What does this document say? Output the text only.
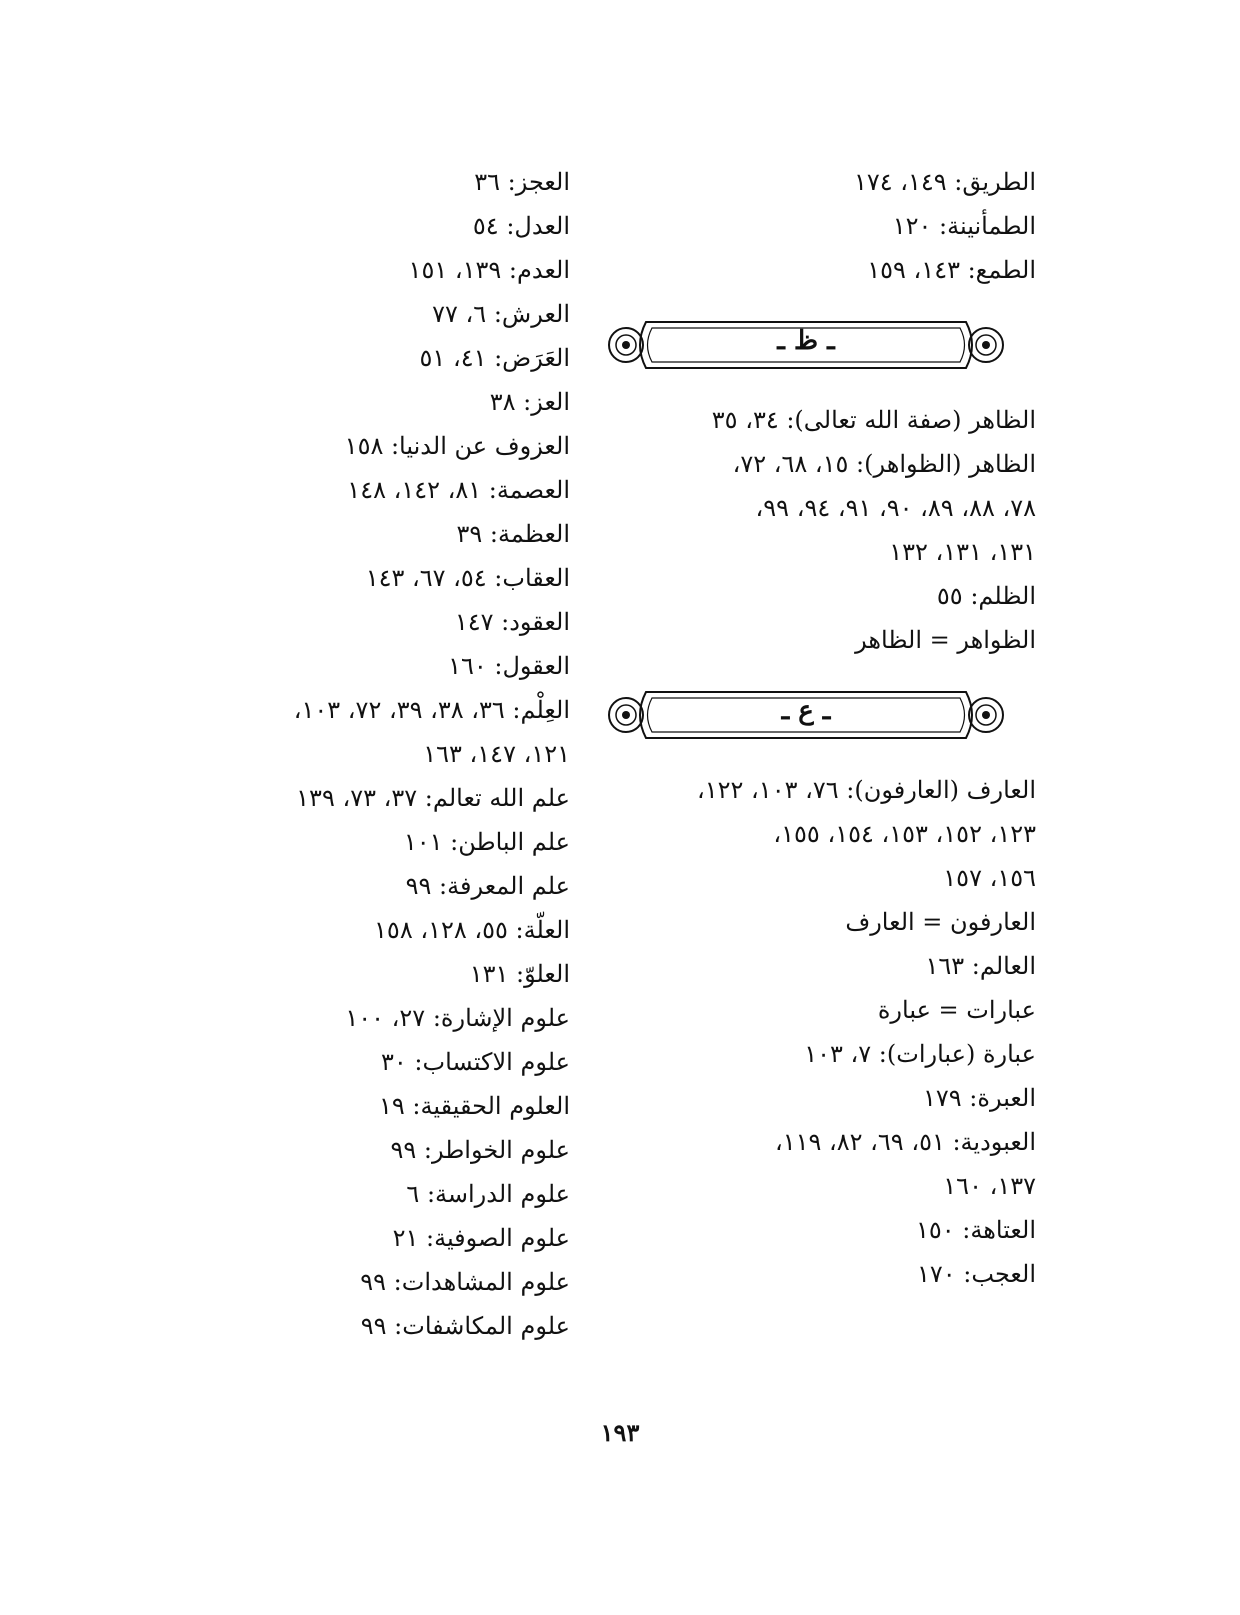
الطريق: ١٤٩، ١٧٤
الطمأنينة: ١٢٠
الطمع: ١٤٣، ١٥٩
ـ ظ ـ
الظاهر (صفة الله تعالى): ٣٤، ٣٥
الظاهر (الظواهر): ١٥، ٦٨، ٧٢،
٧٨، ٨٨، ٨٩، ٩٠، ٩١، ٩٤، ٩٩،
١٣١، ١٣١، ١٣٢
الظلم: ٥٥
الظواهر = الظاهر
ـ ع ـ
العارف (العارفون): ٧٦، ١٠٣، ١٢٢،
١٢٣، ١٥٢، ١٥٣، ١٥٤، ١٥٥،
١٥٦، ١٥٧
العارفون = العارف
العالم: ١٦٣
عبارات = عبارة
عبارة (عبارات): ٧، ١٠٣
العبرة: ١٧٩
العبودية: ٥١، ٦٩، ٨٢، ١١٩،
١٣٧، ١٦٠
العتاهة: ١٥٠
العجب: ١٧٠
العجز: ٣٦
العدل: ٥٤
العدم: ١٣٩، ١٥١
العرش: ٦، ٧٧
العَرَض: ٤١، ٥١
العز: ٣٨
العزوف عن الدنيا: ١٥٨
العصمة: ٨١، ١٤٢، ١٤٨
العظمة: ٣٩
العقاب: ٥٤، ٦٧، ١٤٣
العقود: ١٤٧
العقول: ١٦٠
العِلْم: ٣٦، ٣٨، ٣٩، ٧٢، ١٠٣،
١٢١، ١٤٧، ١٦٣
علم الله تعالم: ٣٧، ٧٣، ١٣٩
علم الباطن: ١٠١
علم المعرفة: ٩٩
العلّة: ٥٥، ١٢٨، ١٥٨
العلوّ: ١٣١
علوم الإشارة: ٢٧، ١٠٠
علوم الاكتساب: ٣٠
العلوم الحقيقية: ١٩
علوم الخواطر: ٩٩
علوم الدراسة: ٦
علوم الصوفية: ٢١
علوم المشاهدات: ٩٩
علوم المكاشفات: ٩٩
١٩٣
